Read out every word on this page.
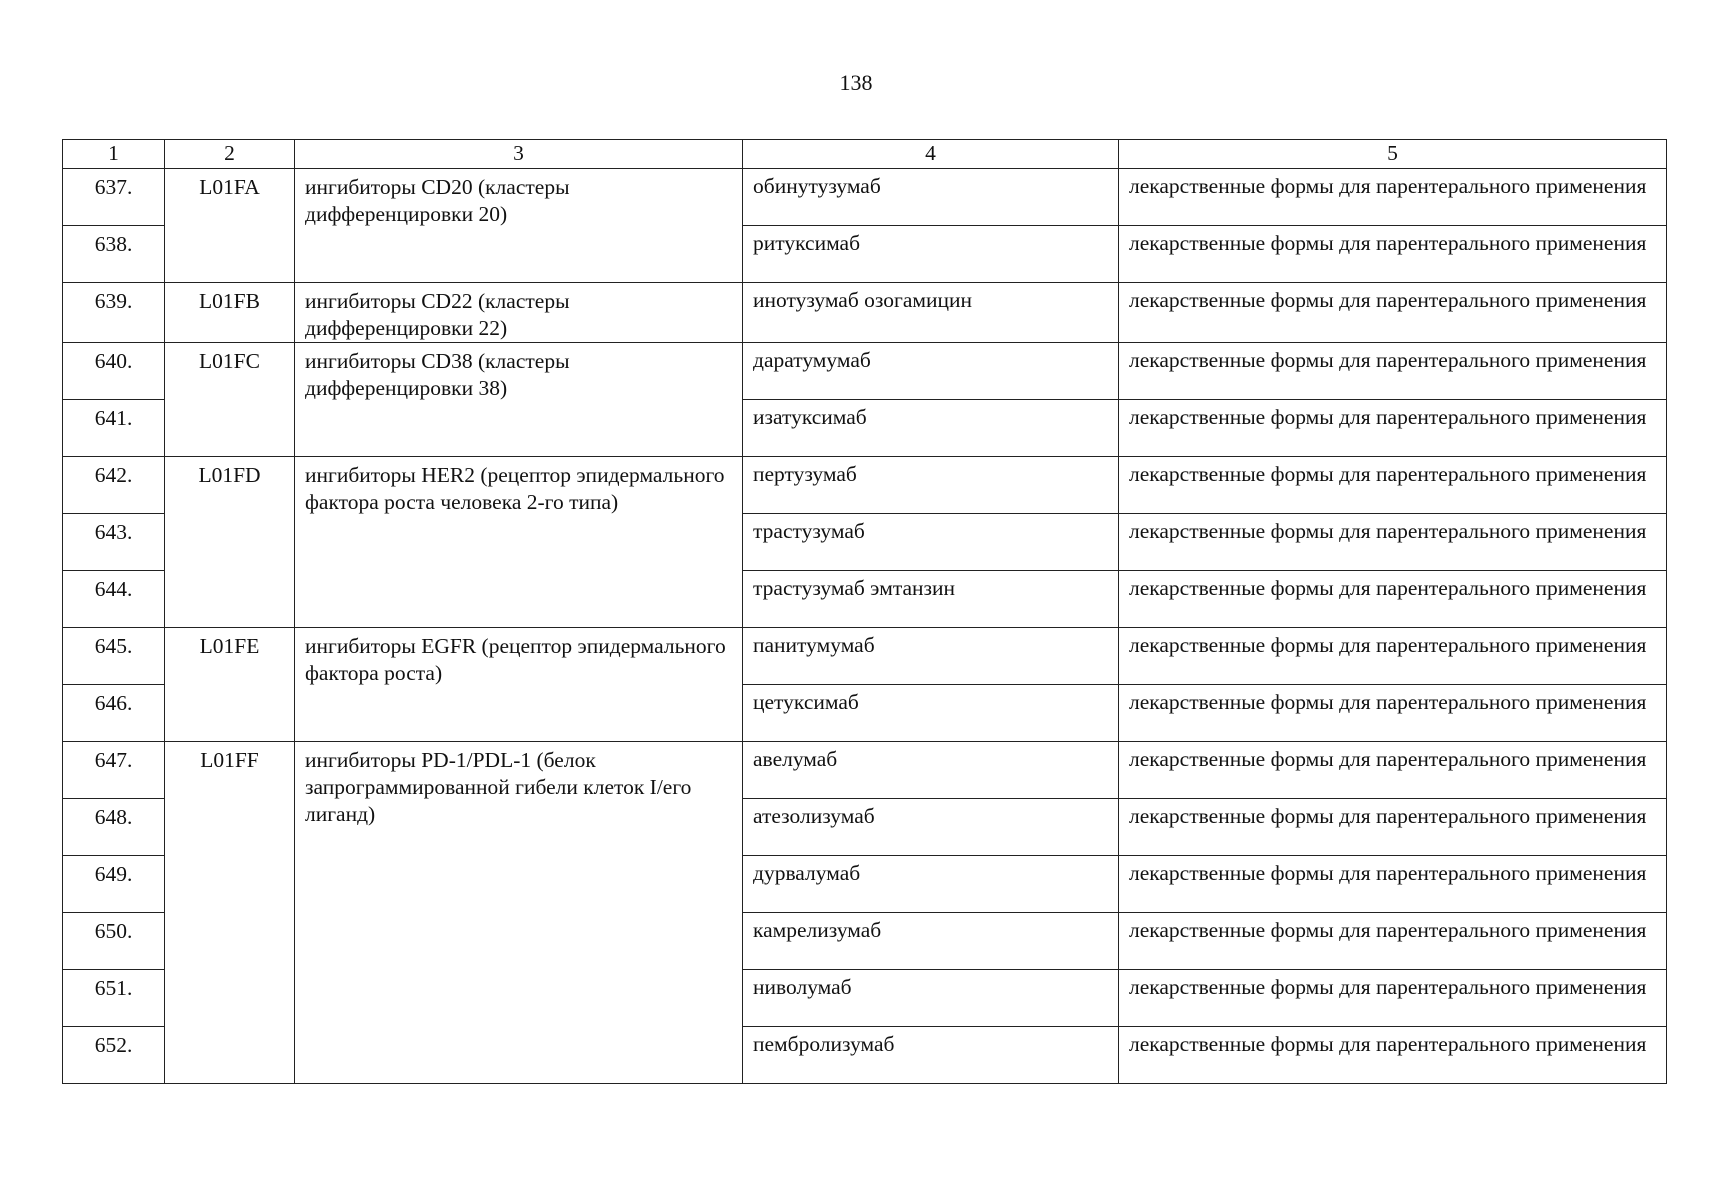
138
1	2	3	4	5
637.	L01FA	ингибиторы CD20 (кластеры дифференцировки 20)	обинутузумаб	лекарственные формы для парентерального применения
638.			ритуксимаб	лекарственные формы для парентерального применения
639.	L01FB	ингибиторы CD22 (кластеры дифференцировки 22)	инотузумаб озогамицин	лекарственные формы для парентерального применения
640.	L01FC	ингибиторы CD38 (кластеры дифференцировки 38)	даратумумаб	лекарственные формы для парентерального применения
641.			изатуксимаб	лекарственные формы для парентерального применения
642.	L01FD	ингибиторы HER2 (рецептор эпидермального фактора роста человека 2-го типа)	пертузумаб	лекарственные формы для парентерального применения
643.			трастузумаб	лекарственные формы для парентерального применения
644.			трастузумаб эмтанзин	лекарственные формы для парентерального применения
645.	L01FE	ингибиторы EGFR (рецептор эпидермального фактора роста)	панитумумаб	лекарственные формы для парентерального применения
646.			цетуксимаб	лекарственные формы для парентерального применения
647.	L01FF	ингибиторы PD-1/PDL-1 (белок запрограммированной гибели клеток I/его лиганд)	авелумаб	лекарственные формы для парентерального применения
648.			атезолизумаб	лекарственные формы для парентерального применения
649.			дурвалумаб	лекарственные формы для парентерального применения
650.			камрелизумаб	лекарственные формы для парентерального применения
651.			ниволумаб	лекарственные формы для парентерального применения
652.			пембролизумаб	лекарственные формы для парентерального применения
